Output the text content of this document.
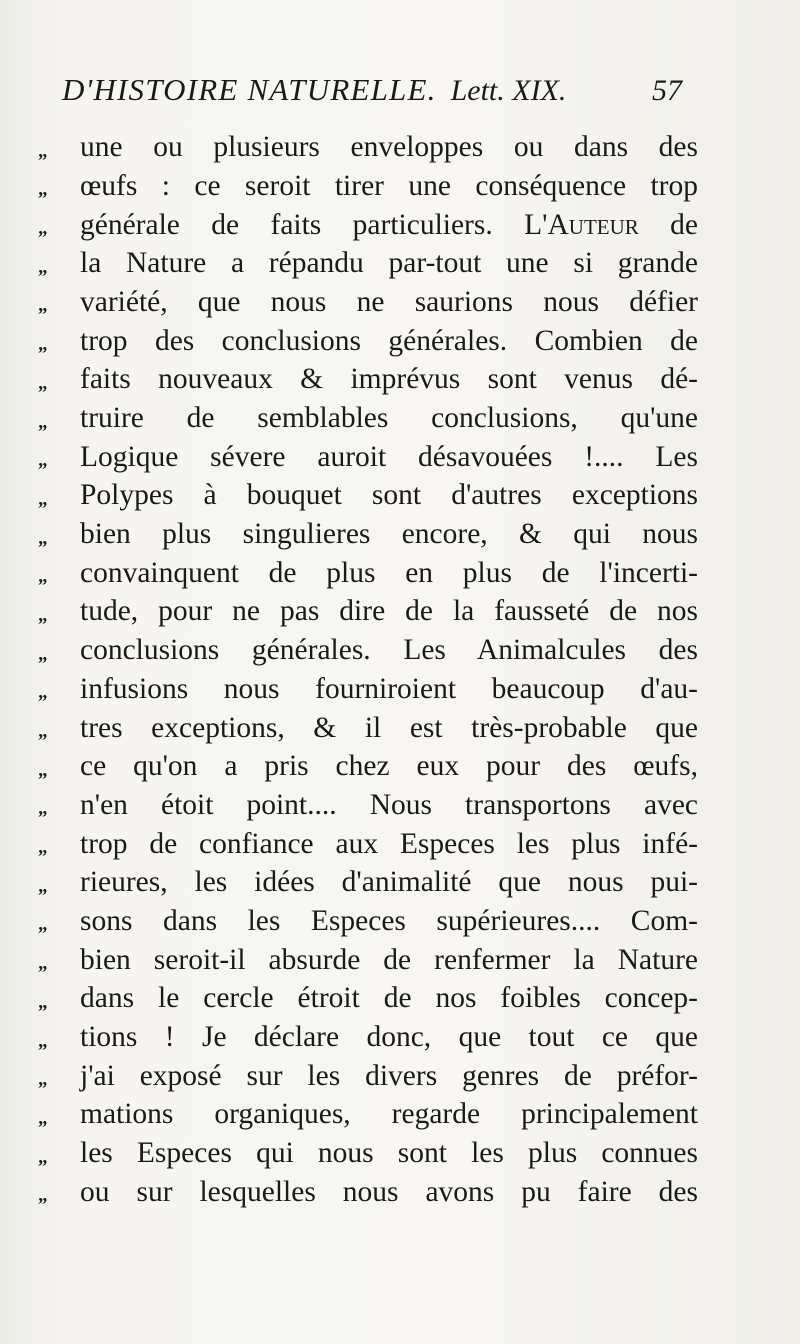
D'HISTOIRE NATURELLE. Lett. XIX.	57
„	une ou plusieurs enveloppes ou dans des
„	œufs : ce seroit tirer une conséquence trop
„	générale de faits particuliers. L'Auteur de
„	la Nature a répandu par-tout une si grande
„	variété, que nous ne saurions nous défier
„	trop des conclusions générales. Combien de
„	faits nouveaux & imprévus sont venus dé-
„	truire de semblables conclusions, qu'une
„	Logique sévere auroit désavouées !.... Les
„	Polypes à bouquet sont d'autres exceptions
„	bien plus singulieres encore, & qui nous
„	convainquent de plus en plus de l'incerti-
„	tude, pour ne pas dire de la fausseté de nos
„	conclusions générales. Les Animalcules des
„	infusions nous fourniroient beaucoup d'au-
„	tres exceptions, & il est très-probable que
„	ce qu'on a pris chez eux pour des œufs,
„	n'en étoit point.... Nous transportons avec
„	trop de confiance aux Especes les plus infé-
„	rieures, les idées d'animalité que nous pui-
„	sons dans les Especes supérieures.... Com-
„	bien seroit-il absurde de renfermer la Nature
„	dans le cercle étroit de nos foibles concep-
„	tions ! Je déclare donc, que tout ce que
„	j'ai exposé sur les divers genres de préfor-
„	mations organiques, regarde principalement
„	les Especes qui nous sont les plus connues
„	ou sur lesquelles nous avons pu faire des
